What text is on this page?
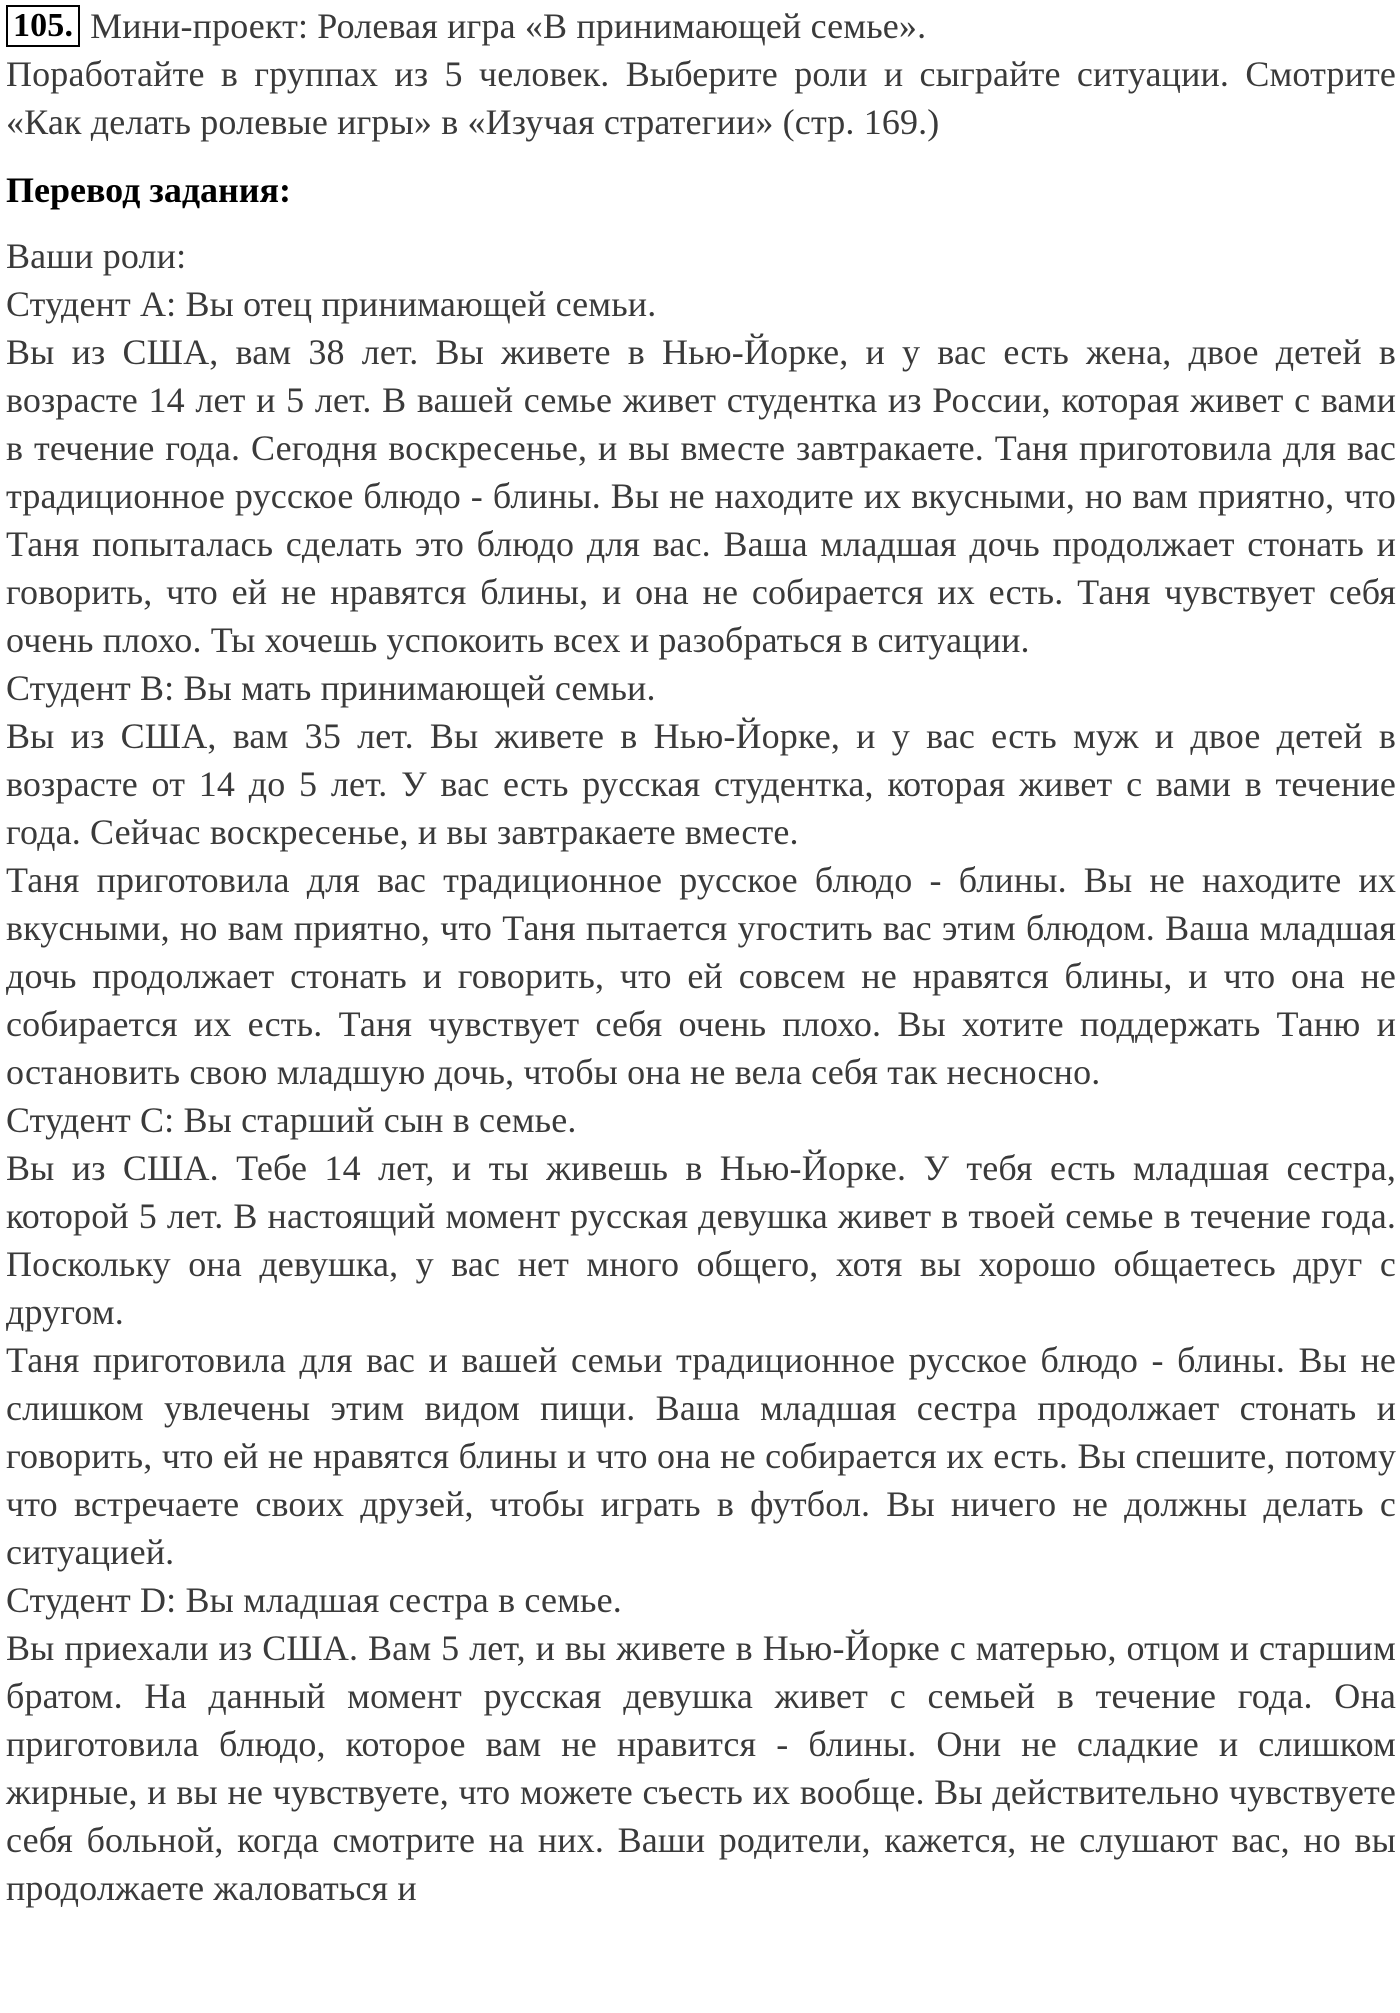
105. Мини-проект: Ролевая игра «В принимающей семье».

Поработайте в группах из 5 человек. Выберите роли и сыграйте ситуации. Смотрите «Как делать ролевые игры» в «Изучая стратегии» (стр. 169.)

Перевод задания:

Ваши роли:

Студент A: Вы отец принимающей семьи.

Вы из США, вам 38 лет. Вы живете в Нью-Йорке, и у вас есть жена, двое детей в возрасте 14 лет и 5 лет. В вашей семье живет студентка из России, которая живет с вами в течение года. Сегодня воскресенье, и вы вместе завтракаете. Таня приготовила для вас традиционное русское блюдо - блины. Вы не находите их вкусными, но вам приятно, что Таня попыталась сделать это блюдо для вас. Ваша младшая дочь продолжает стонать и говорить, что ей не нравятся блины, и она не собирается их есть. Таня чувствует себя очень плохо. Ты хочешь успокоить всех и разобраться в ситуации.

Студент B: Вы мать принимающей семьи.

Вы из США, вам 35 лет. Вы живете в Нью-Йорке, и у вас есть муж и двое детей в возрасте от 14 до 5 лет. У вас есть русская студентка, которая живет с вами в течение года. Сейчас воскресенье, и вы завтракаете вместе.

Таня приготовила для вас традиционное русское блюдо - блины. Вы не находите их вкусными, но вам приятно, что Таня пытается угостить вас этим блюдом. Ваша младшая дочь продолжает стонать и говорить, что ей совсем не нравятся блины, и что она не собирается их есть. Таня чувствует себя очень плохо. Вы хотите поддержать Таню и остановить свою младшую дочь, чтобы она не вела себя так несносно.

Студент C: Вы старший сын в семье.

Вы из США. Тебе 14 лет, и ты живешь в Нью-Йорке. У тебя есть младшая сестра, которой 5 лет. В настоящий момент русская девушка живет в твоей семье в течение года. Поскольку она девушка, у вас нет много общего, хотя вы хорошо общаетесь друг с другом.

Таня приготовила для вас и вашей семьи традиционное русское блюдо - блины. Вы не слишком увлечены этим видом пищи. Ваша младшая сестра продолжает стонать и говорить, что ей не нравятся блины и что она не собирается их есть. Вы спешите, потому что встречаете своих друзей, чтобы играть в футбол. Вы ничего не должны делать с ситуацией.

Студент D: Вы младшая сестра в семье.

Вы приехали из США. Вам 5 лет, и вы живете в Нью-Йорке с матерью, отцом и старшим братом. На данный момент русская девушка живет с семьей в течение года. Она приготовила блюдо, которое вам не нравится - блины. Они не сладкие и слишком жирные, и вы не чувствуете, что можете съесть их вообще. Вы действительно чувствуете себя больной, когда смотрите на них. Ваши родители, кажется, не слушают вас, но вы продолжаете жаловаться и
